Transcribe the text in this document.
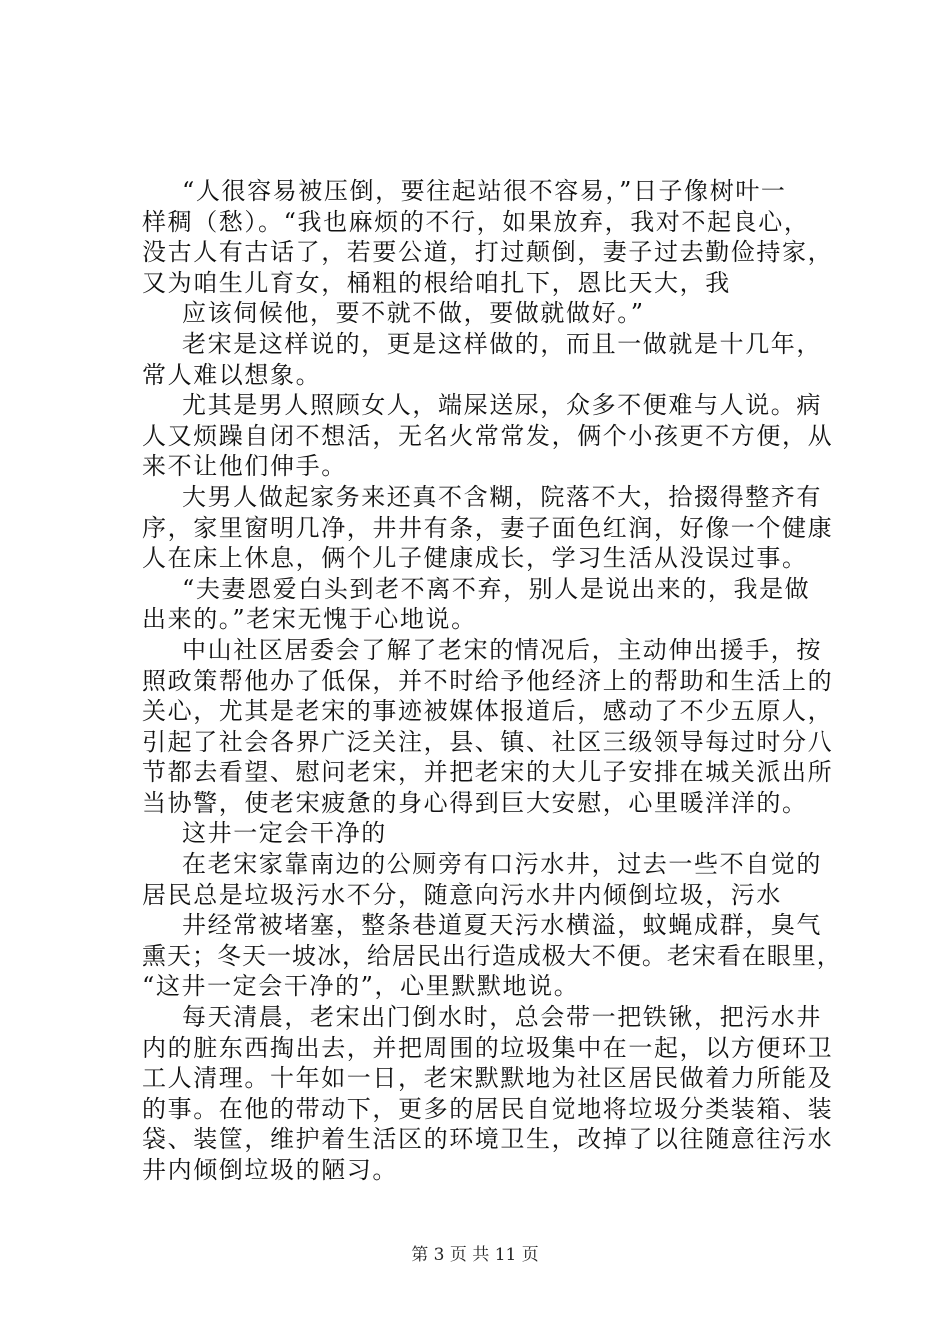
“人很容易被压倒，要往起站很不容易，”日子像树叶一
样稠（愁）。“我也麻烦的不行，如果放弃，我对不起良心，
没古人有古话了，若要公道，打过颠倒，妻子过去勤俭持家，
又为咱生儿育女，桶粗的根给咱扎下，恩比天大，我
应该伺候他，要不就不做，要做就做好。”
老宋是这样说的，更是这样做的，而且一做就是十几年，
常人难以想象。
尤其是男人照顾女人，端屎送尿，众多不便难与人说。病
人又烦躁自闭不想活，无名火常常发，俩个小孩更不方便，从
来不让他们伸手。
大男人做起家务来还真不含糊，院落不大，拾掇得整齐有
序，家里窗明几净，井井有条，妻子面色红润，好像一个健康
人在床上休息，俩个儿子健康成长，学习生活从没误过事。
“夫妻恩爱白头到老不离不弃，别人是说出来的，我是做
出来的。”老宋无愧于心地说。
中山社区居委会了解了老宋的情况后，主动伸出援手，按
照政策帮他办了低保，并不时给予他经济上的帮助和生活上的
关心，尤其是老宋的事迹被媒体报道后，感动了不少五原人，
引起了社会各界广泛关注，县、镇、社区三级领导每过时分八
节都去看望、慰问老宋，并把老宋的大儿子安排在城关派出所
当协警，使老宋疲惫的身心得到巨大安慰，心里暖洋洋的。
这井一定会干净的
在老宋家靠南边的公厕旁有口污水井，过去一些不自觉的
居民总是垃圾污水不分，随意向污水井内倾倒垃圾，污水
井经常被堵塞，整条巷道夏天污水横溢，蚊蝇成群，臭气
熏天；冬天一坡冰，给居民出行造成极大不便。老宋看在眼里，
“这井一定会干净的”，心里默默地说。
每天清晨，老宋出门倒水时，总会带一把铁锹，把污水井
内的脏东西掏出去，并把周围的垃圾集中在一起，以方便环卫
工人清理。十年如一日，老宋默默地为社区居民做着力所能及
的事。在他的带动下，更多的居民自觉地将垃圾分类装箱、装
袋、装筐，维护着生活区的环境卫生，改掉了以往随意往污水
井内倾倒垃圾的陋习。
第 3 页 共 11 页
